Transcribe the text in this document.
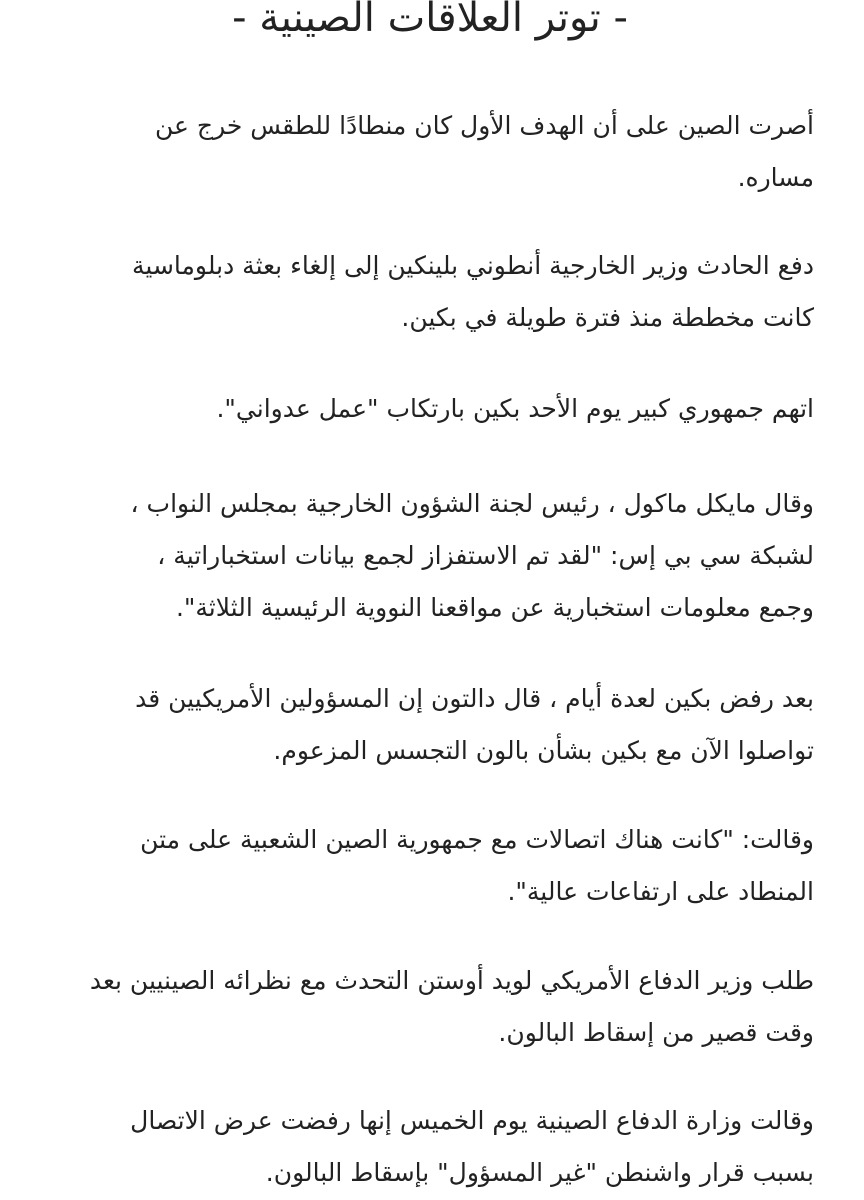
- توتر العلاقات الصينية -

أصرت الصين على أن الهدف الأول كان منطادًا للطقس خرج عن
مساره.

دفع الحادث وزير الخارجية أنطوني بلينكين إلى إلغاء بعثة دبلوماسية
كانت مخططة منذ فترة طويلة في بكين.

اتهم جمهوري كبير يوم الأحد بكين بارتكاب "عمل عدواني".

وقال مايكل ماكول ، رئيس لجنة الشؤون الخارجية بمجلس النواب ،
لشبكة سي بي إس: "لقد تم الاستفزاز لجمع بيانات استخباراتية ،
وجمع معلومات استخبارية عن مواقعنا النووية الرئيسية الثلاثة".

بعد رفض بكين لعدة أيام ، قال دالتون إن المسؤولين الأمريكيين قد
تواصلوا الآن مع بكين بشأن بالون التجسس المزعوم.

وقالت: "كانت هناك اتصالات مع جمهورية الصين الشعبية على متن
المنطاد على ارتفاعات عالية".

طلب وزير الدفاع الأمريكي لويد أوستن التحدث مع نظرائه الصينيين بعد
وقت قصير من إسقاط البالون.

وقالت وزارة الدفاع الصينية يوم الخميس إنها رفضت عرض الاتصال
بسبب قرار واشنطن "غير المسؤول" بإسقاط البالون.
